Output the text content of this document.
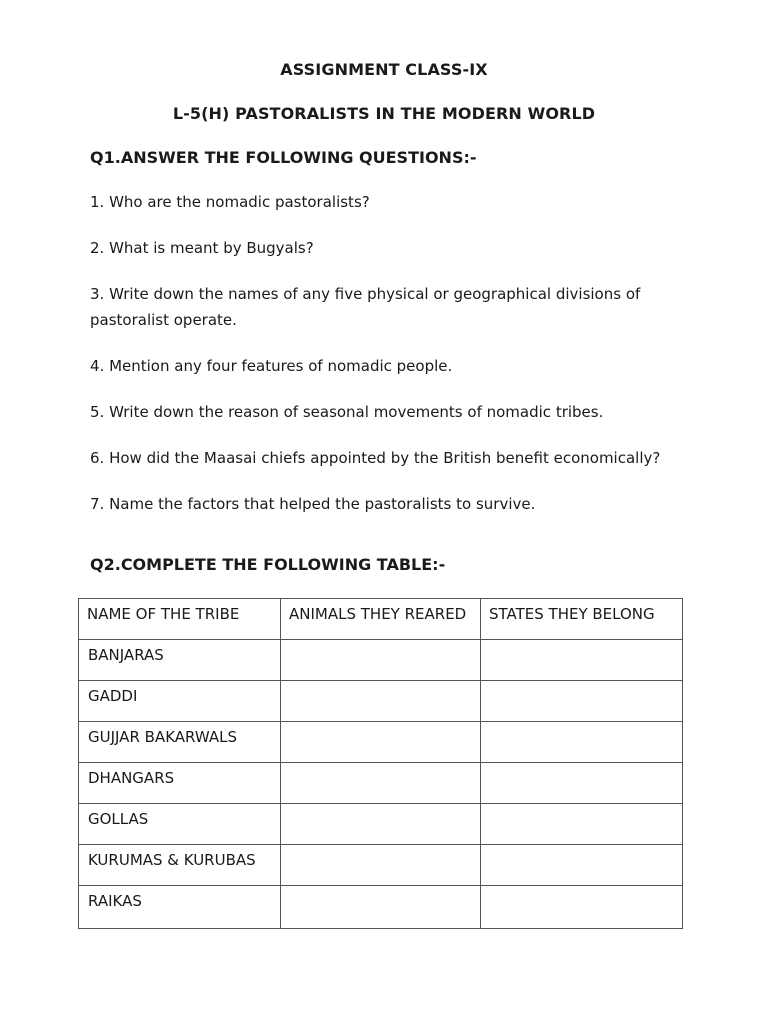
ASSIGNMENT CLASS-IX
L-5(H) PASTORALISTS IN THE MODERN WORLD
Q1.ANSWER THE FOLLOWING QUESTIONS:-
1. Who are the nomadic pastoralists?
2. What is meant by Bugyals?
3. Write down the names of any five physical or geographical divisions of pastoralist operate.
4. Mention any four features of nomadic people.
5. Write down the reason of seasonal movements of nomadic tribes.
6. How did the Maasai chiefs appointed by the British benefit economically?
7. Name the factors that helped the pastoralists to survive.
Q2.COMPLETE THE FOLLOWING TABLE:-
NAME OF THE TRIBE	ANIMALS THEY REARED	STATES THEY BELONG
BANJARAS		
GADDI		
GUJJAR BAKARWALS		
DHANGARS		
GOLLAS		
KURUMAS & KURUBAS		
RAIKAS		
